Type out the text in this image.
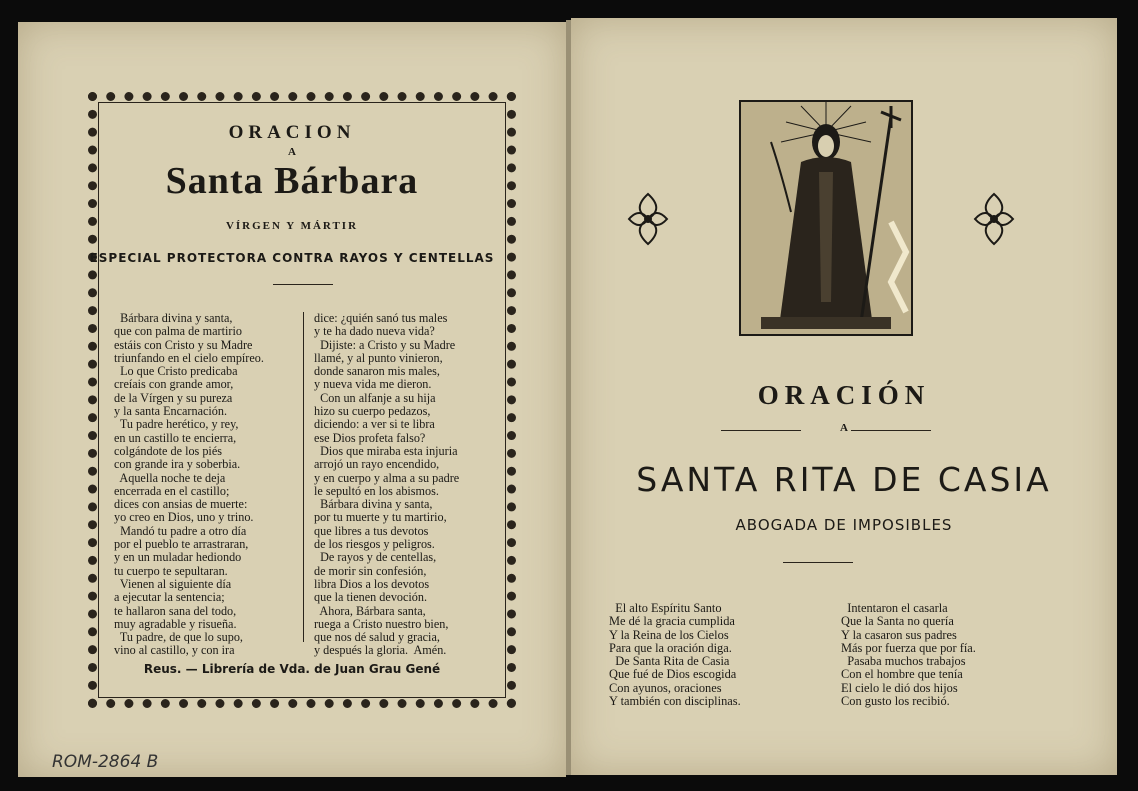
ORACION
A
Santa Bárbara
VÍRGEN Y MÁRTIR
ESPECIAL PROTECTORA CONTRA RAYOS Y CENTELLAS
Bárbara divina y santa,
que con palma de martirio
estáis con Cristo y su Madre
triunfando en el cielo empíreo.
Lo que Cristo predicaba
creíais con grande amor,
de la Vírgen y su pureza
y la santa Encarnación.
Tu padre herético, y rey,
en un castillo te encierra,
colgándote de los piés
con grande ira y soberbia.
Aquella noche te deja
encerrada en el castillo;
dices con ansias de muerte:
yo creo en Dios, uno y trino.
Mandó tu padre a otro día
por el pueblo te arrastraran,
y en un muladar hediondo
tu cuerpo te sepultaran.
Vienen al siguiente día
a ejecutar la sentencia;
te hallaron sana del todo,
muy agradable y risueña.
Tu padre, de que lo supo,
vino al castillo, y con ira
dice: ¿quién sanó tus males
y te ha dado nueva vida?
Dijiste: a Cristo y su Madre
llamé, y al punto vinieron,
donde sanaron mis males,
y nueva vida me dieron.
Con un alfanje a su hija
hizo su cuerpo pedazos,
diciendo: a ver si te libra
ese Dios profeta falso?
Dios que miraba esta injuria
arrojó un rayo encendido,
y en cuerpo y alma a su padre
le sepultó en los abismos.
Bárbara divina y santa,
por tu muerte y tu martirio,
que libres a tus devotos
de los riesgos y peligros.
De rayos y de centellas,
de morir sin confesión,
libra Dios a los devotos
que la tienen devoción.
Ahora, Bárbara santa,
ruega a Cristo nuestro bien,
que nos dé salud y gracia,
y después la gloria.  Amén.
Reus. — Librería de Vda. de Juan Grau Gené
ORACIÓN
A
SANTA RITA DE CASIA
ABOGADA DE IMPOSIBLES
El alto Espíritu Santo
Me dé la gracia cumplida
Y la Reina de los Cielos
Para que la oración diga.
De Santa Rita de Casia
Que fué de Dios escogida
Con ayunos, oraciones
Y también con disciplinas.
Intentaron el casarla
Que la Santa no quería
Y la casaron sus padres
Más por fuerza que por fía.
Pasaba muchos trabajos
Con el hombre que tenía
El cielo le dió dos hijos
Con gusto los recibió.
ROM-2864 B
